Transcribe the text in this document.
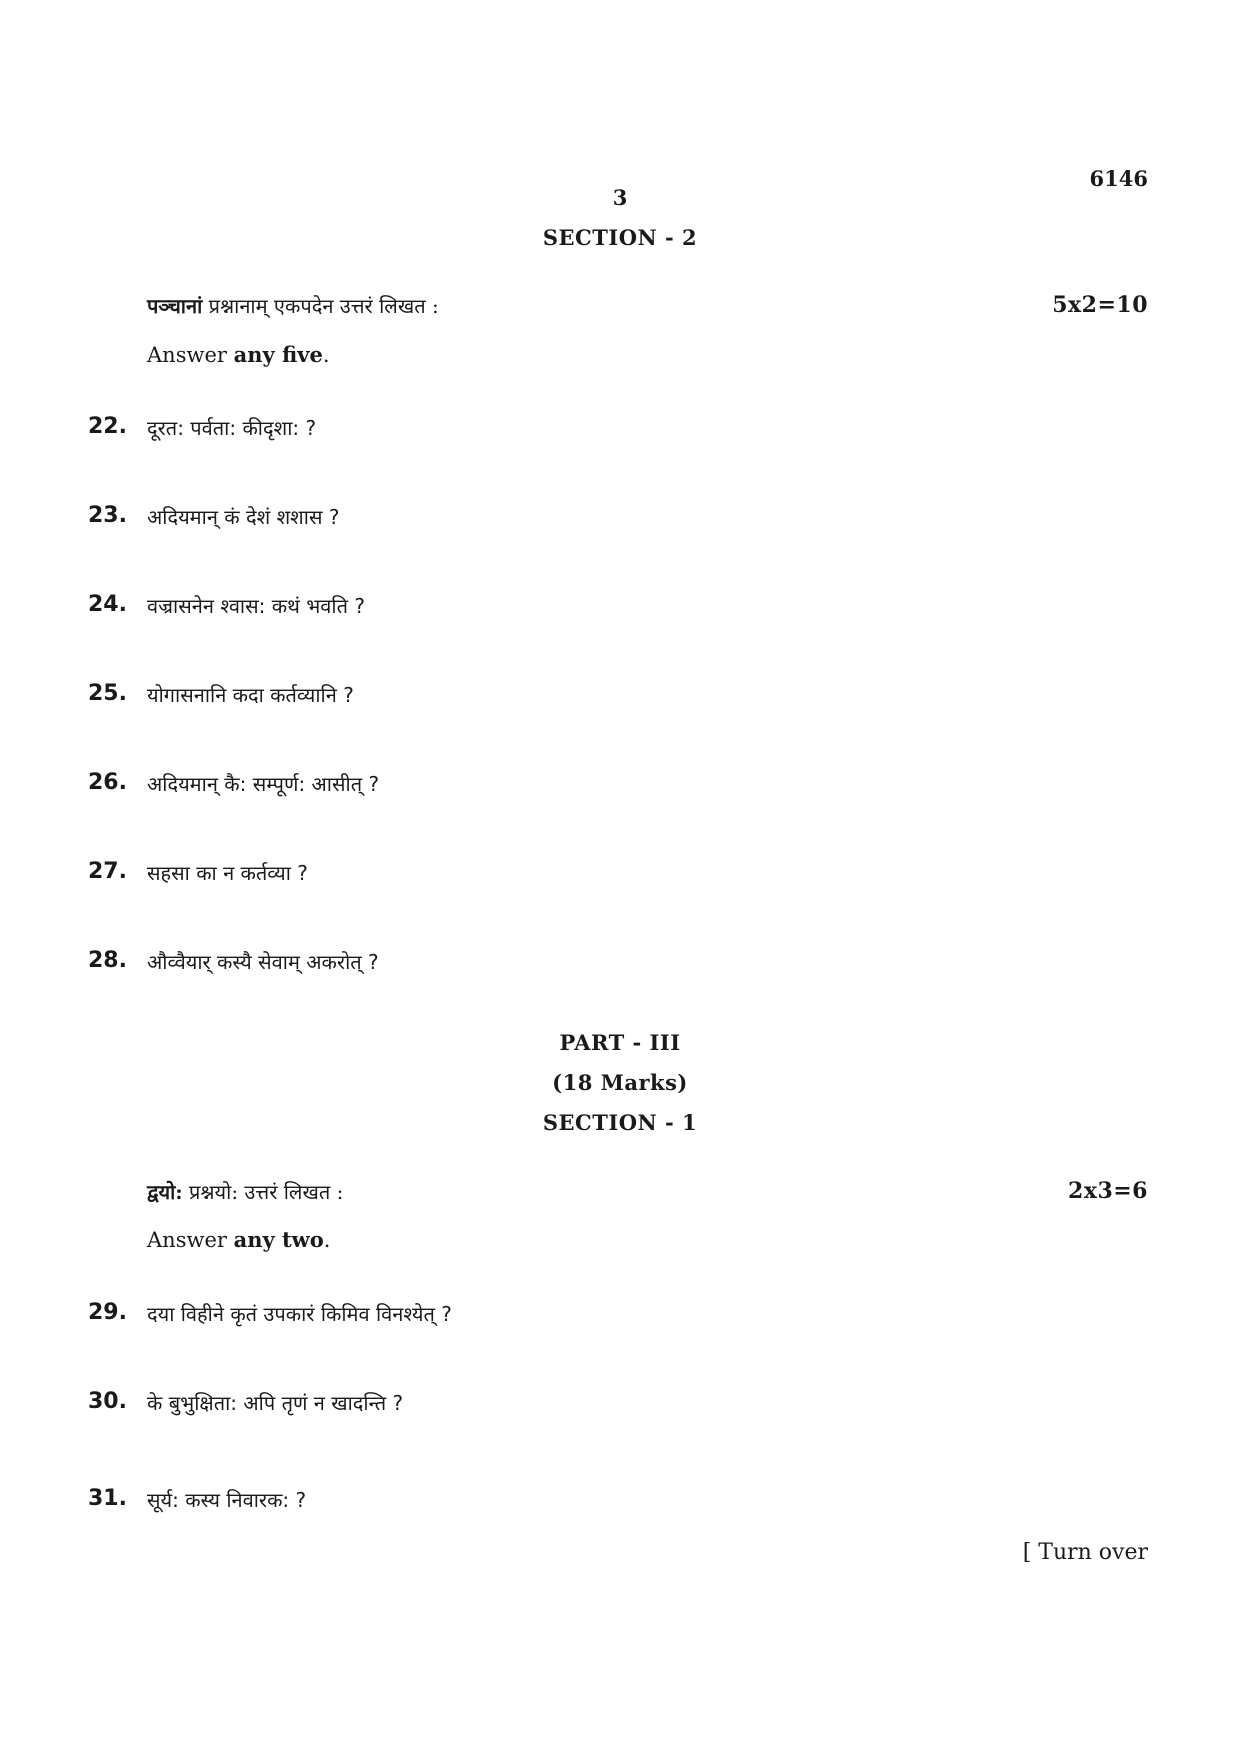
6146
3
SECTION - 2
पञ्चानां प्रश्नानाम् एकपदेन उत्तरं लिखत :	5x2=10
Answer any five.
22. दूरत: पर्वता: कीदृशा: ?
23. अदियमान् कं देशं शशास ?
24. वज्रासनेन श्वास: कथं भवति ?
25. योगासनानि कदा कर्तव्यानि ?
26. अदियमान् कै: सम्पूर्ण: आसीत् ?
27. सहसा का न कर्तव्या ?
28. औव्वैयार् कस्यै सेवाम् अकरोत् ?
PART - III
(18 Marks)
SECTION - 1
द्वयो: प्रश्नयो: उत्तरं लिखत :	2x3=6
Answer any two.
29. दया विहीने कृतं उपकारं किमिव विनश्येत् ?
30. के बुभुक्षिता: अपि तृणं न खादन्ति ?
31. सूर्य: कस्य निवारक: ?
[ Turn over
